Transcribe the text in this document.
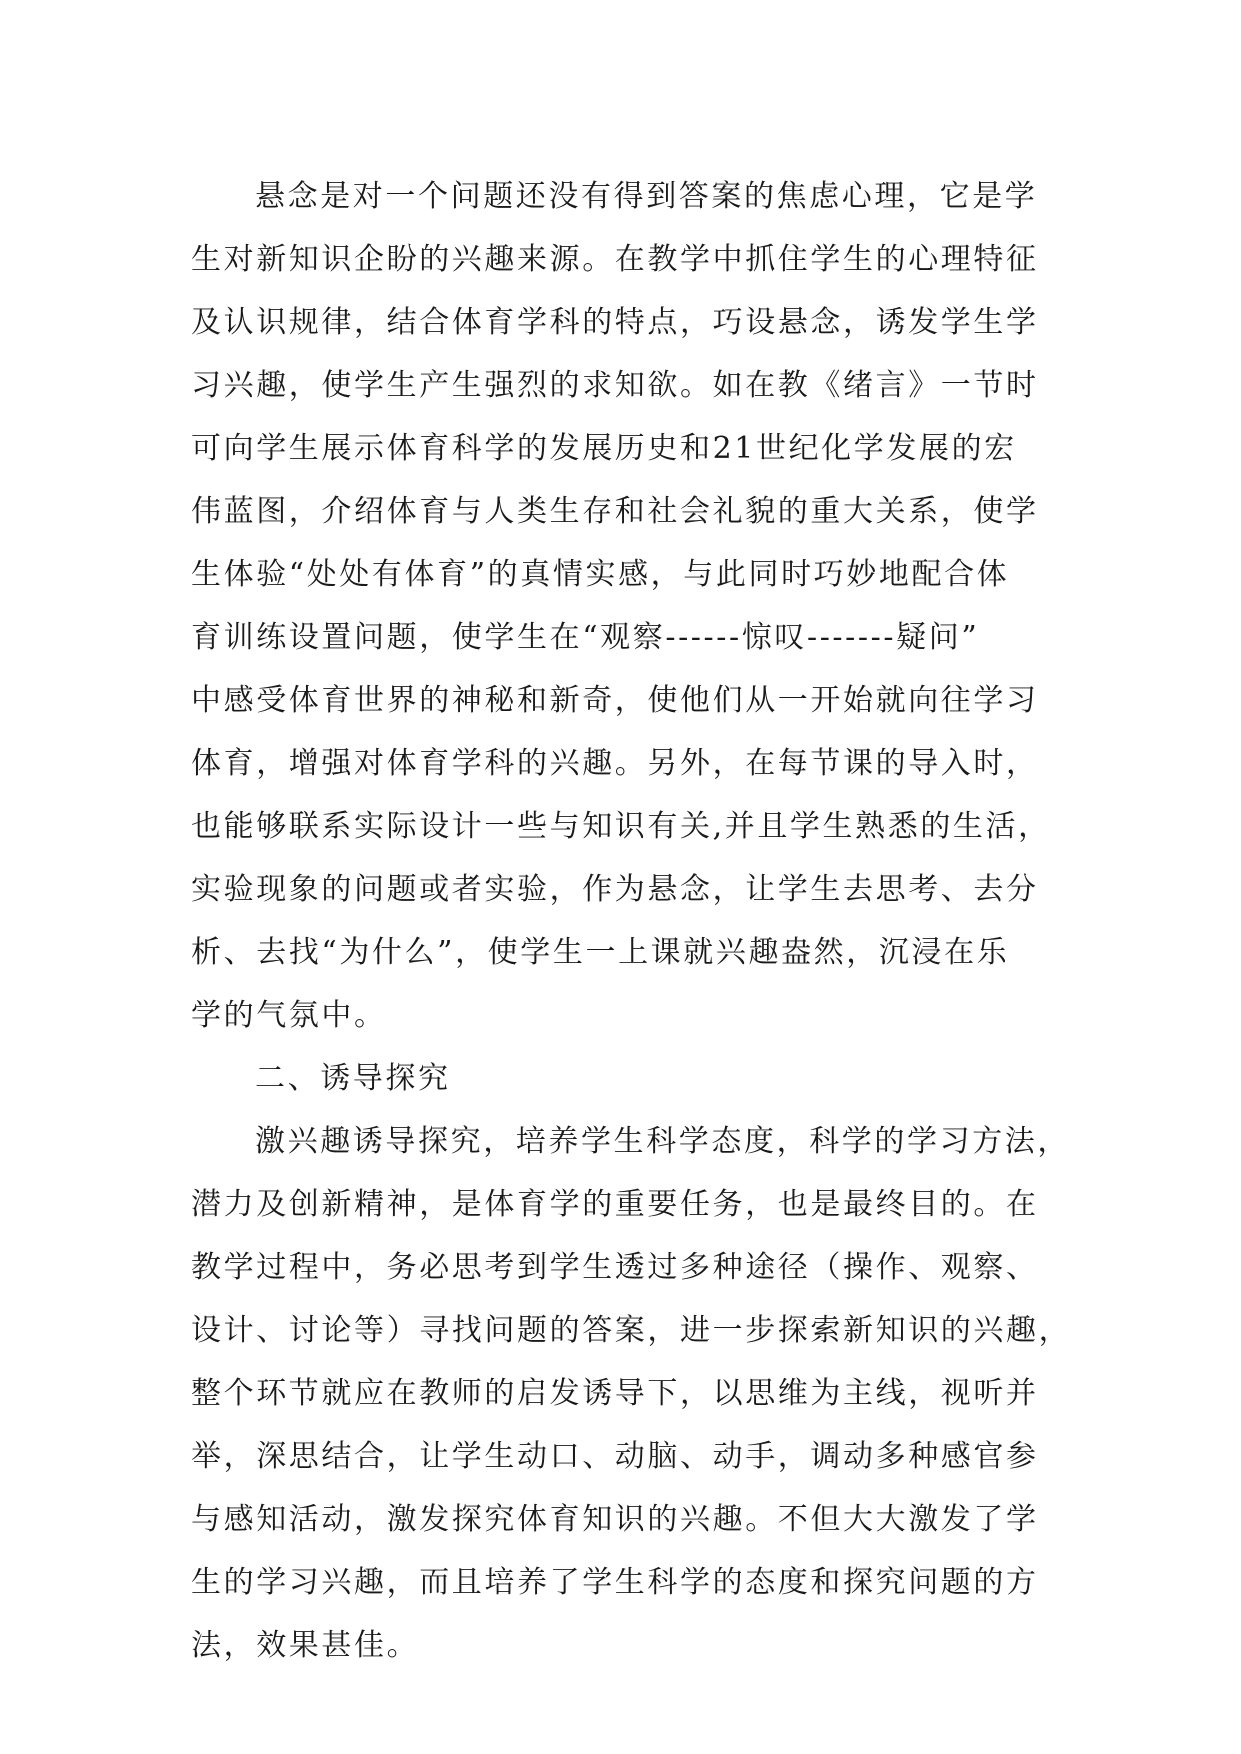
悬念是对一个问题还没有得到答案的焦虑心理，它是学
生对新知识企盼的兴趣来源。在教学中抓住学生的心理特征
及认识规律，结合体育学科的特点，巧设悬念，诱发学生学
习兴趣，使学生产生强烈的求知欲。如在教《绪言》一节时
可向学生展示体育科学的发展历史和21世纪化学发展的宏
伟蓝图，介绍体育与人类生存和社会礼貌的重大关系，使学
生体验“处处有体育”的真情实感，与此同时巧妙地配合体
育训练设置问题，使学生在“观察------惊叹-------疑问”
中感受体育世界的神秘和新奇，使他们从一开始就向往学习
体育，增强对体育学科的兴趣。另外，在每节课的导入时，
也能够联系实际设计一些与知识有关,并且学生熟悉的生活，
实验现象的问题或者实验，作为悬念，让学生去思考、去分
析、去找“为什么”，使学生一上课就兴趣盎然，沉浸在乐
学的气氛中。
二、诱导探究
激兴趣诱导探究，培养学生科学态度，科学的学习方法，
潜力及创新精神，是体育学的重要任务，也是最终目的。在
教学过程中，务必思考到学生透过多种途径（操作、观察、
设计、讨论等）寻找问题的答案，进一步探索新知识的兴趣，
整个环节就应在教师的启发诱导下，以思维为主线，视听并
举，深思结合，让学生动口、动脑、动手，调动多种感官参
与感知活动，激发探究体育知识的兴趣。不但大大激发了学
生的学习兴趣，而且培养了学生科学的态度和探究问题的方
法，效果甚佳。
